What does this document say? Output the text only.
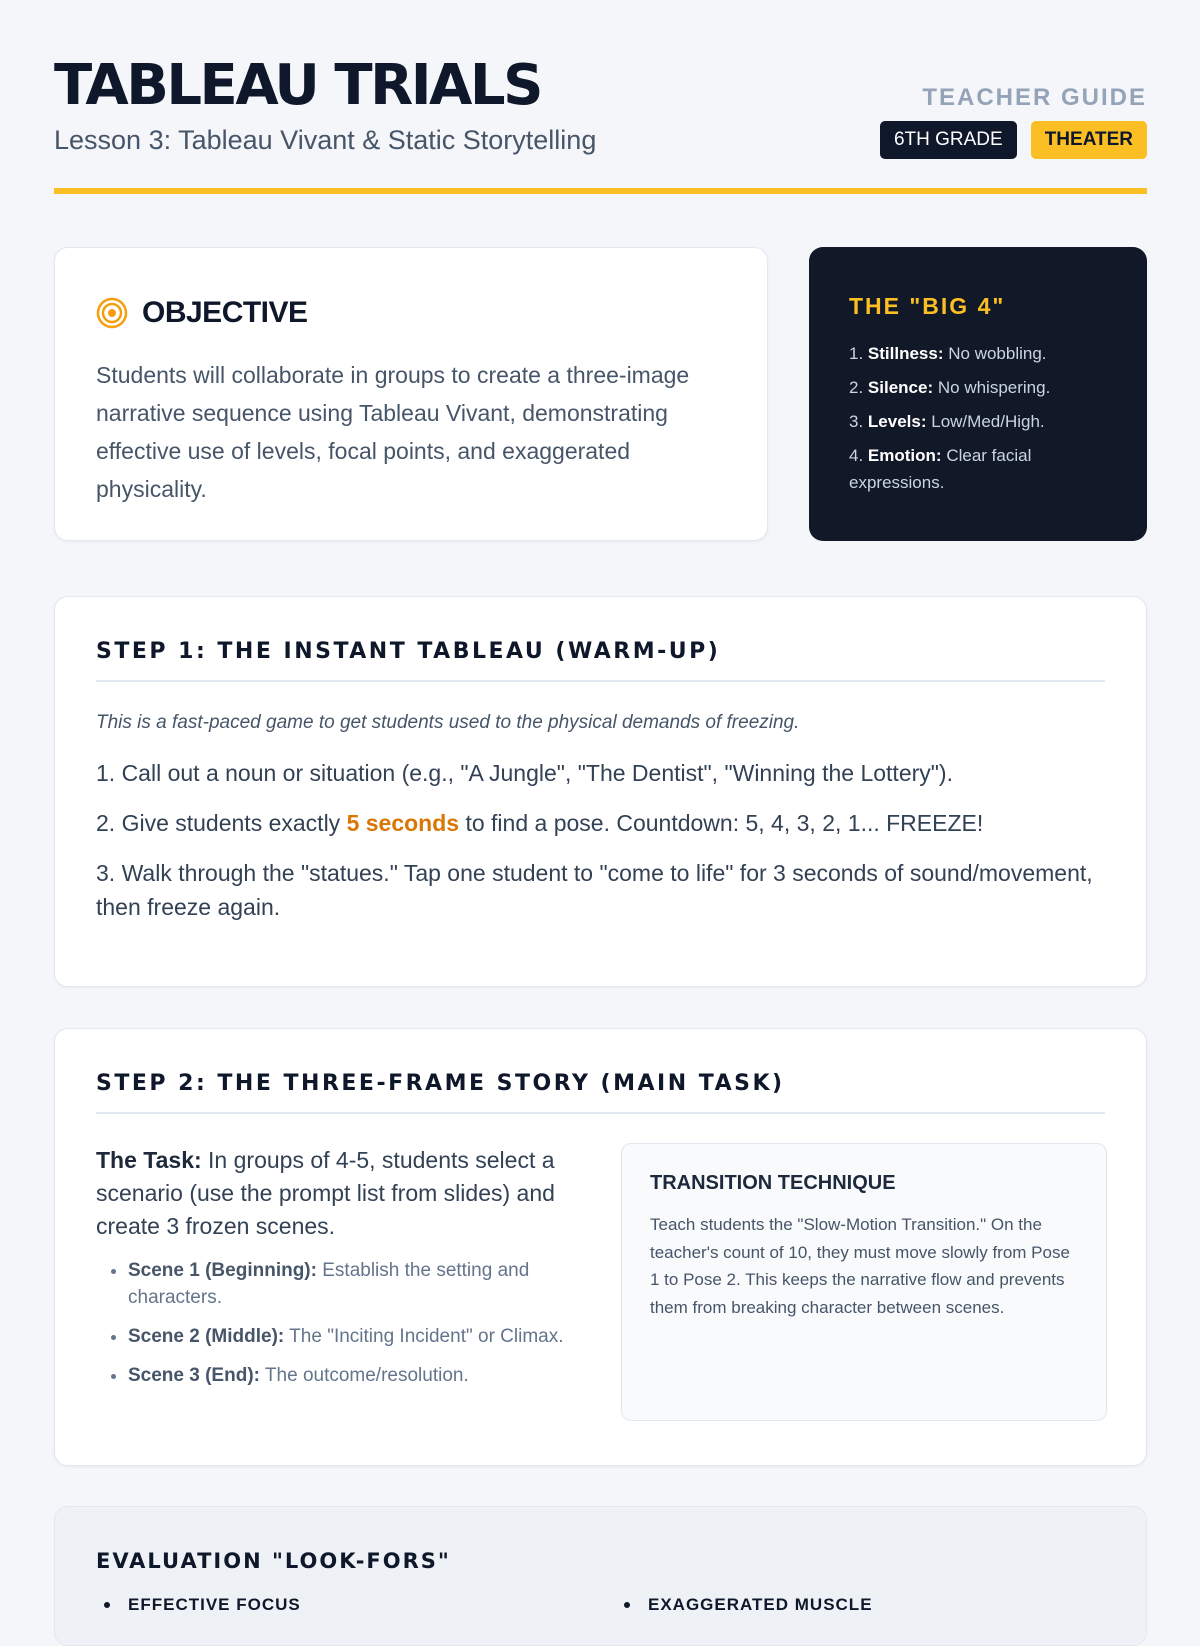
TABLEAU TRIALS
Lesson 3: Tableau Vivant & Static Storytelling
TEACHER GUIDE
6TH GRADE	THEATER
OBJECTIVE
Students will collaborate in groups to create a three-image narrative sequence using Tableau Vivant, demonstrating effective use of levels, focal points, and exaggerated physicality.
THE "BIG 4"
1. Stillness: No wobbling.
2. Silence: No whispering.
3. Levels: Low/Med/High.
4. Emotion: Clear facial expressions.
STEP 1: THE INSTANT TABLEAU (WARM-UP)
This is a fast-paced game to get students used to the physical demands of freezing.
1. Call out a noun or situation (e.g., "A Jungle", "The Dentist", "Winning the Lottery").
2. Give students exactly 5 seconds to find a pose. Countdown: 5, 4, 3, 2, 1... FREEZE!
3. Walk through the "statues." Tap one student to "come to life" for 3 seconds of sound/movement, then freeze again.
STEP 2: THE THREE-FRAME STORY (MAIN TASK)
The Task: In groups of 4-5, students select a scenario (use the prompt list from slides) and create 3 frozen scenes.
• Scene 1 (Beginning): Establish the setting and characters.
• Scene 2 (Middle): The "Inciting Incident" or Climax.
• Scene 3 (End): The outcome/resolution.
TRANSITION TECHNIQUE
Teach students the "Slow-Motion Transition." On the teacher's count of 10, they must move slowly from Pose 1 to Pose 2. This keeps the narrative flow and prevents them from breaking character between scenes.
EVALUATION "LOOK-FORS"
EFFECTIVE FOCUS	EXAGGERATED MUSCLE
